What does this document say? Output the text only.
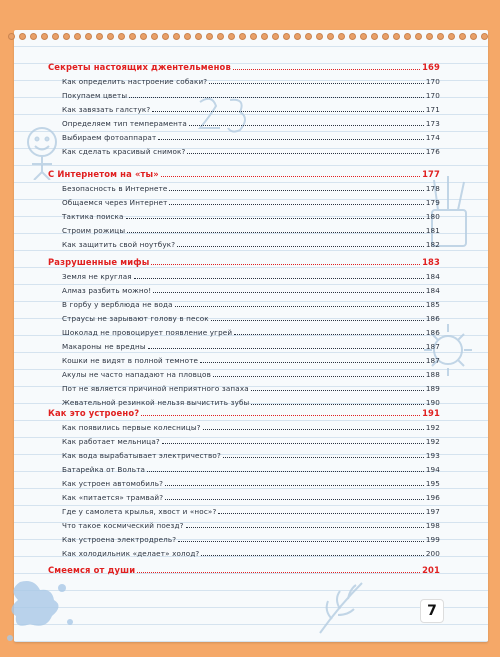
Секреты настоящих джентельменов	169
Как определить настроение собаки?	170
Покупаем цветы	170
Как завязать галстук?	171
Определяем тип темперамента	173
Выбираем фотоаппарат	174
Как сделать красивый снимок?	176
С Интернетом на «ты»	177
Безопасность в Интернете	178
Общаемся через Интернет	179
Тактика поиска	180
Строим рожицы	181
Как защитить свой ноутбук?	182
Разрушенные мифы	183
Земля не круглая	184
Алмаз разбить можно!	184
В горбу у верблюда не вода	185
Страусы не зарывают голову в песок	186
Шоколад не провоцирует появление угрей	186
Макароны не вредны	187
Кошки не видят в полной темноте	187
Акулы не часто нападают на пловцов	188
Пот не является причиной неприятного запаха	189
Жевательной резинкой нельзя вычистить зубы	190
Как это устроено?	191
Как появились первые колесницы?	192
Как работает мельница?	192
Как вода вырабатывает электричество?	193
Батарейка от Вольта	194
Как устроен автомобиль?	195
Как «питается» трамвай?	196
Где у самолета крылья, хвост и «нос»?	197
Что такое космический поезд?	198
Как устроена электродрель?	199
Как холодильник «делает» холод?	200
Смеемся от души	201
7
